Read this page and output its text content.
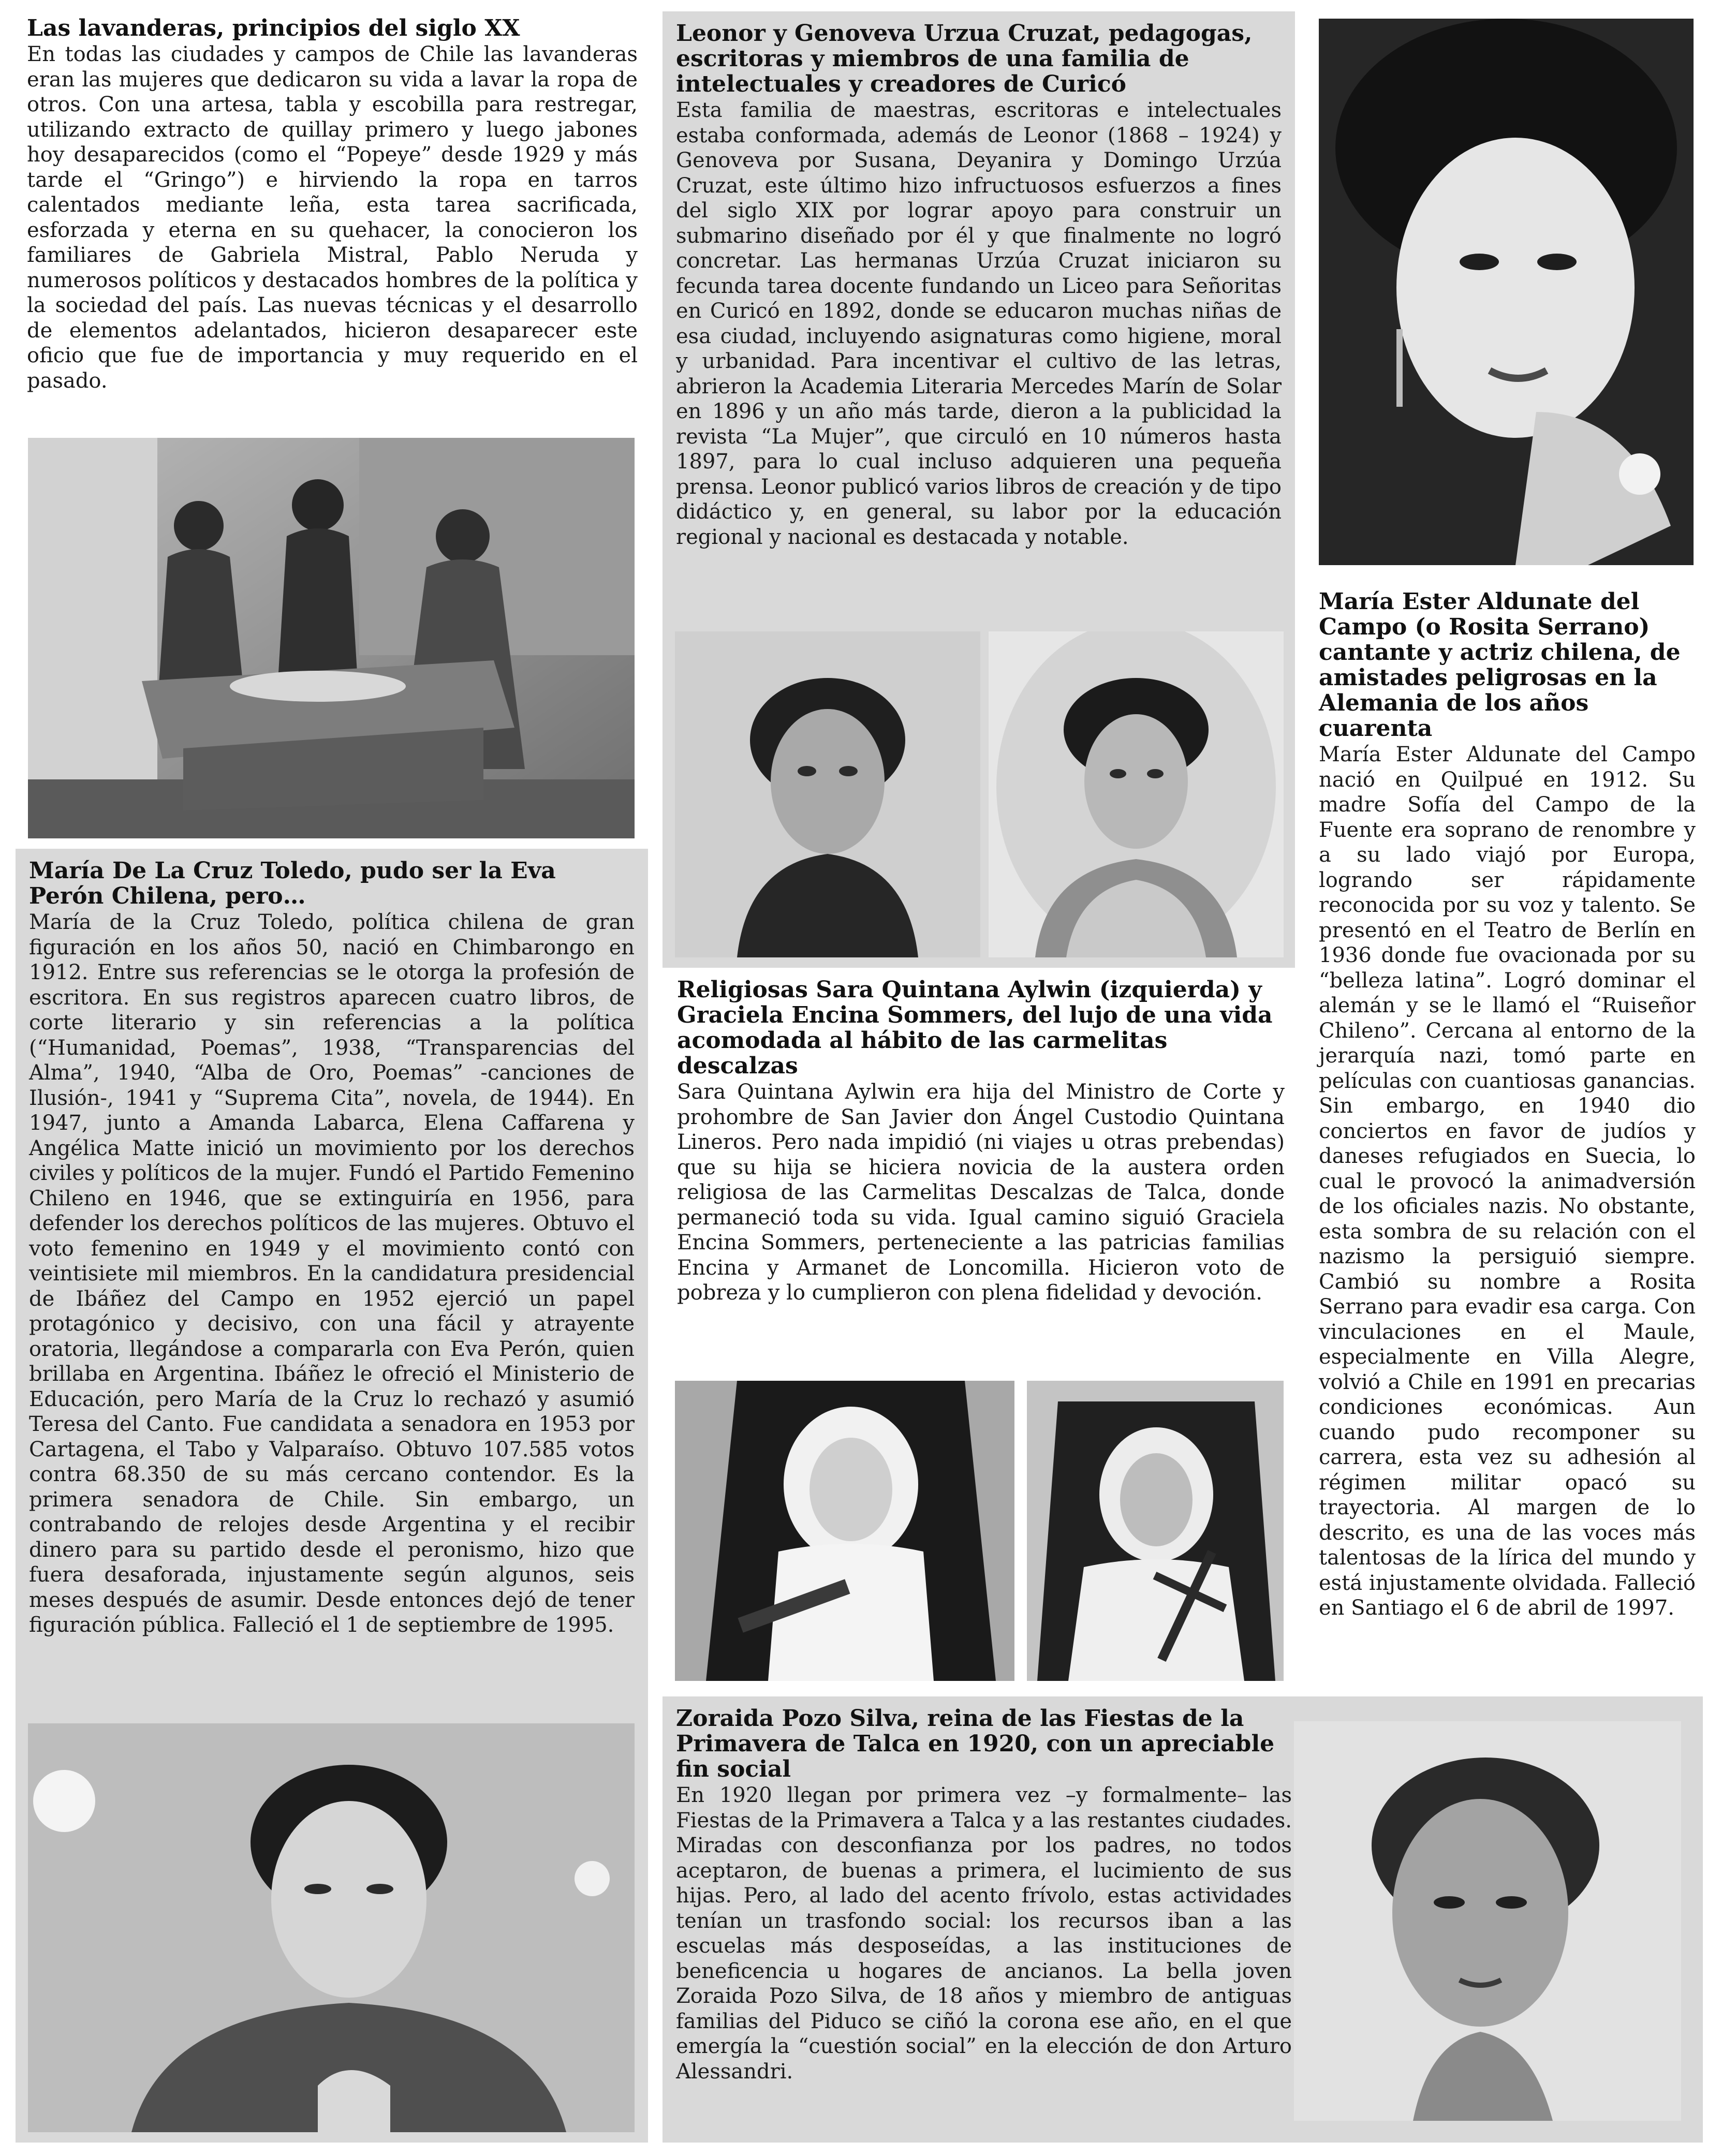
Las lavanderas, principios del siglo XX

En todas las ciudades y campos de Chile las lavanderas eran las mujeres que dedicaron su vida a lavar la ropa de otros. Con una artesa, tabla y escobilla para restregar, utilizando extracto de quillay primero y luego jabones hoy desaparecidos (como el “Popeye” desde 1929 y más tarde el “Gringo”) e hirviendo la ropa en tarros calentados mediante leña, esta tarea sacrificada, esforzada y eterna en su quehacer, la conocieron los familiares de Gabriela Mistral, Pablo Neruda y numerosos políticos y destacados hombres de la política y la sociedad del país. Las nuevas técnicas y el desarrollo de elementos adelantados, hicieron desaparecer este oficio que fue de importancia y muy requerido en el pasado.

Leonor y Genoveva Urzua Cruzat, pedagogas, escritoras y miembros de una familia de intelectuales y creadores de Curicó

Esta familia de maestras, escritoras e intelectuales estaba conformada, además de Leonor (1868 – 1924) y Genoveva por Susana, Deyanira y Domingo Urzúa Cruzat, este último hizo infructuosos esfuerzos a fines del siglo XIX por lograr apoyo para construir un submarino diseñado por él y que finalmente no logró concretar. Las hermanas Urzúa Cruzat iniciaron su fecunda tarea docente fundando un Liceo para Señoritas en Curicó en 1892, donde se educaron muchas niñas de esa ciudad, incluyendo asignaturas como higiene, moral y urbanidad. Para incentivar el cultivo de las letras, abrieron la Academia Literaria Mercedes Marín de Solar en 1896 y un año más tarde, dieron a la publicidad la revista “La Mujer”, que circuló en 10 números hasta 1897, para lo cual incluso adquieren una pequeña prensa. Leonor publicó varios libros de creación y de tipo didáctico y, en general, su labor por la educación regional y nacional es destacada y notable.

María Ester Aldunate del Campo (o Rosita Serrano) cantante y actriz chilena, de amistades peligrosas en la Alemania de los años cuarenta

María Ester Aldunate del Campo nació en Quilpué en 1912. Su madre Sofía del Campo de la Fuente era soprano de renombre y a su lado viajó por Europa, logrando ser rápidamente reconocida por su voz y talento. Se presentó en el Teatro de Berlín en 1936 donde fue ovacionada por su “belleza latina”. Logró dominar el alemán y se le llamó el “Ruiseñor Chileno”. Cercana al entorno de la jerarquía nazi, tomó parte en películas con cuantiosas ganancias. Sin embargo, en 1940 dio conciertos en favor de judíos y daneses refugiados en Suecia, lo cual le provocó la animadversión de los oficiales nazis. No obstante, esta sombra de su relación con el nazismo la persiguió siempre. Cambió su nombre a Rosita Serrano para evadir esa carga. Con vinculaciones en el Maule, especialmente en Villa Alegre, volvió a Chile en 1991 en precarias condiciones económicas. Aun cuando pudo recomponer su carrera, esta vez su adhesión al régimen militar opacó su trayectoria. Al margen de lo descrito, es una de las voces más talentosas de la lírica del mundo y está injustamente olvidada. Falleció en Santiago el 6 de abril de 1997.

María De La Cruz Toledo, pudo ser la Eva Perón Chilena, pero…

María de la Cruz Toledo, política chilena de gran figuración en los años 50, nació en Chimbarongo en 1912. Entre sus referencias se le otorga la profesión de escritora. En sus registros aparecen cuatro libros, de corte literario y sin referencias a la política (“Humanidad, Poemas”, 1938, “Transparencias del Alma”, 1940, “Alba de Oro, Poemas” -canciones de Ilusión-, 1941 y “Suprema Cita”, novela, de 1944). En 1947, junto a Amanda Labarca, Elena Caffarena y Angélica Matte inició un movimiento por los derechos civiles y políticos de la mujer. Fundó el Partido Femenino Chileno en 1946, que se extinguiría en 1956, para defender los derechos políticos de las mujeres. Obtuvo el voto femenino en 1949 y el movimiento contó con veintisiete mil miembros. En la candidatura presidencial de Ibáñez del Campo en 1952 ejerció un papel protagónico y decisivo, con una fácil y atrayente oratoria, llegándose a compararla con Eva Perón, quien brillaba en Argentina. Ibáñez le ofreció el Ministerio de Educación, pero María de la Cruz lo rechazó y asumió Teresa del Canto. Fue candidata a senadora en 1953 por Cartagena, el Tabo y Valparaíso. Obtuvo 107.585 votos contra 68.350 de su más cercano contendor. Es la primera senadora de Chile. Sin embargo, un contrabando de relojes desde Argentina y el recibir dinero para su partido desde el peronismo, hizo que fuera desaforada, injustamente según algunos, seis meses después de asumir. Desde entonces dejó de tener figuración pública. Falleció el 1 de septiembre de 1995.

Religiosas Sara Quintana Aylwin (izquierda) y Graciela Encina Sommers, del lujo de una vida acomodada al hábito de las carmelitas descalzas

Sara Quintana Aylwin era hija del Ministro de Corte y prohombre de San Javier don Ángel Custodio Quintana Lineros. Pero nada impidió (ni viajes u otras prebendas) que su hija se hiciera novicia de la austera orden religiosa de las Carmelitas Descalzas de Talca, donde permaneció toda su vida. Igual camino siguió Graciela Encina Sommers, perteneciente a las patricias familias Encina y Armanet de Loncomilla. Hicieron voto de pobreza y lo cumplieron con plena fidelidad y devoción.

Zoraida Pozo Silva, reina de las Fiestas de la Primavera de Talca en 1920, con un apreciable fin social

En 1920 llegan por primera vez –y formalmente– las Fiestas de la Primavera a Talca y a las restantes ciudades. Miradas con desconfianza por los padres, no todos aceptaron, de buenas a primera, el lucimiento de sus hijas. Pero, al lado del acento frívolo, estas actividades tenían un trasfondo social: los recursos iban a las escuelas más desposeídas, a las instituciones de beneficencia u hogares de ancianos. La bella joven Zoraida Pozo Silva, de 18 años y miembro de antiguas familias del Piduco se ciñó la corona ese año, en el que emergía la “cuestión social” en la elección de don Arturo Alessandri.
